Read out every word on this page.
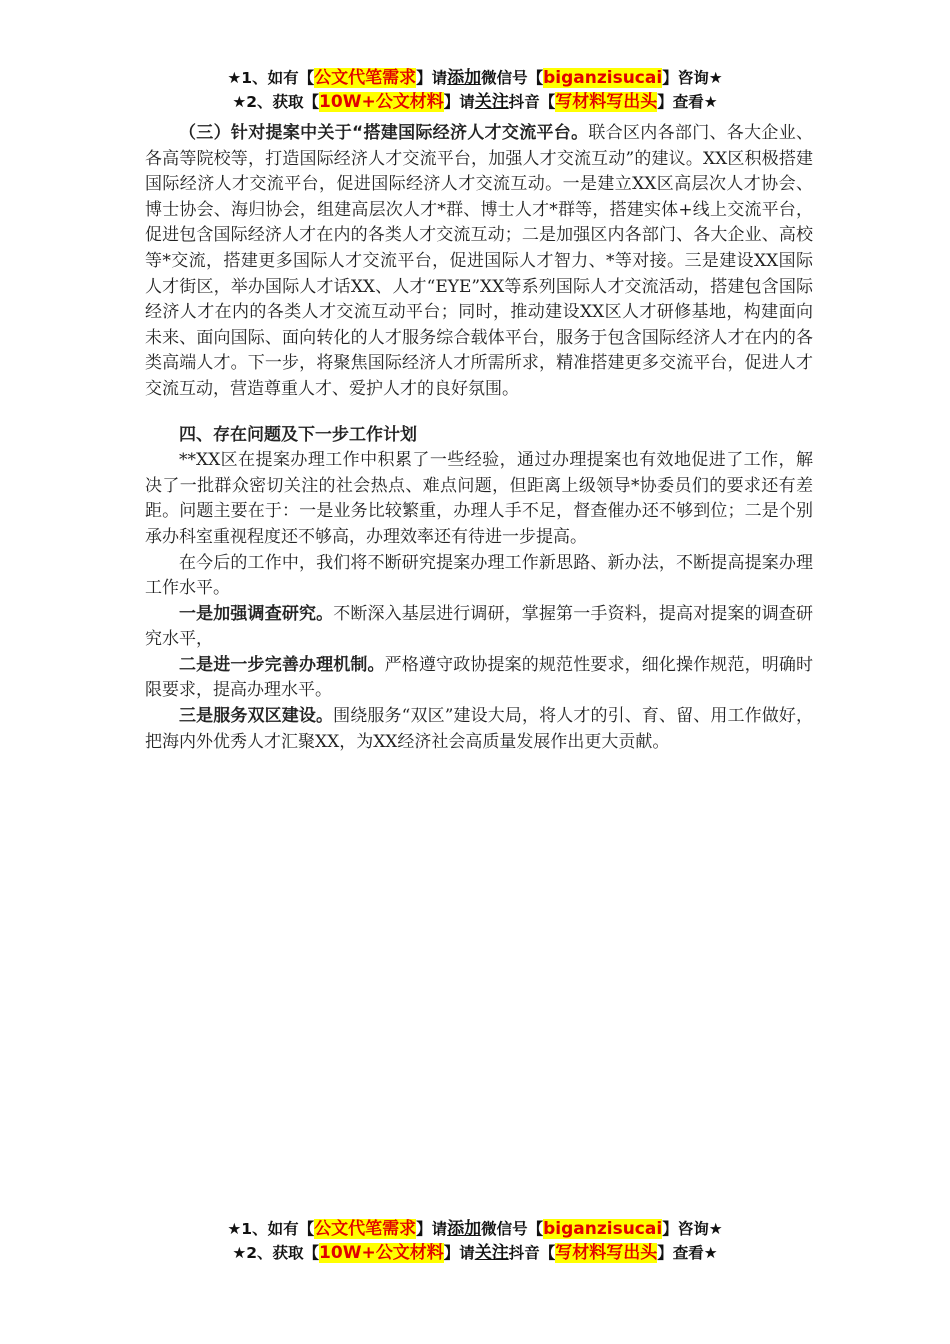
★1、如有【公文代笔需求】请添加微信号【biganzisucai】咨询★
★2、获取【10W+公文材料】请关注抖音【写材料写出头】查看★

（三）针对提案中关于“搭建国际经济人才交流平台。联合区内各部门、各大企业、各高等院校等，打造国际经济人才交流平台，加强人才交流互动”的建议。XX区积极搭建国际经济人才交流平台，促进国际经济人才交流互动。一是建立XX区高层次人才协会、博士协会、海归协会，组建高层次人才*群、博士人才*群等，搭建实体+线上交流平台，促进包含国际经济人才在内的各类人才交流互动；二是加强区内各部门、各大企业、高校等*交流，搭建更多国际人才交流平台，促进国际人才智力、*等对接。三是建设XX国际人才街区，举办国际人才话XX、人才“EYE”XX等系列国际人才交流活动，搭建包含国际经济人才在内的各类人才交流互动平台；同时，推动建设XX区人才研修基地，构建面向未来、面向国际、面向转化的人才服务综合载体平台，服务于包含国际经济人才在内的各类高端人才。下一步，将聚焦国际经济人才所需所求，精准搭建更多交流平台，促进人才交流互动，营造尊重人才、爱护人才的良好氛围。

四、存在问题及下一步工作计划

**XX区在提案办理工作中积累了一些经验，通过办理提案也有效地促进了工作，解决了一批群众密切关注的社会热点、难点问题，但距离上级领导*协委员们的要求还有差距。问题主要在于：一是业务比较繁重，办理人手不足，督查催办还不够到位；二是个别承办科室重视程度还不够高，办理效率还有待进一步提高。

在今后的工作中，我们将不断研究提案办理工作新思路、新办法，不断提高提案办理工作水平。

一是加强调查研究。不断深入基层进行调研，掌握第一手资料，提高对提案的调查研究水平，

二是进一步完善办理机制。严格遵守政协提案的规范性要求，细化操作规范，明确时限要求，提高办理水平。

三是服务双区建设。围绕服务“双区”建设大局，将人才的引、育、留、用工作做好，把海内外优秀人才汇聚XX，为XX经济社会高质量发展作出更大贡献。

★1、如有【公文代笔需求】请添加微信号【biganzisucai】咨询★
★2、获取【10W+公文材料】请关注抖音【写材料写出头】查看★
